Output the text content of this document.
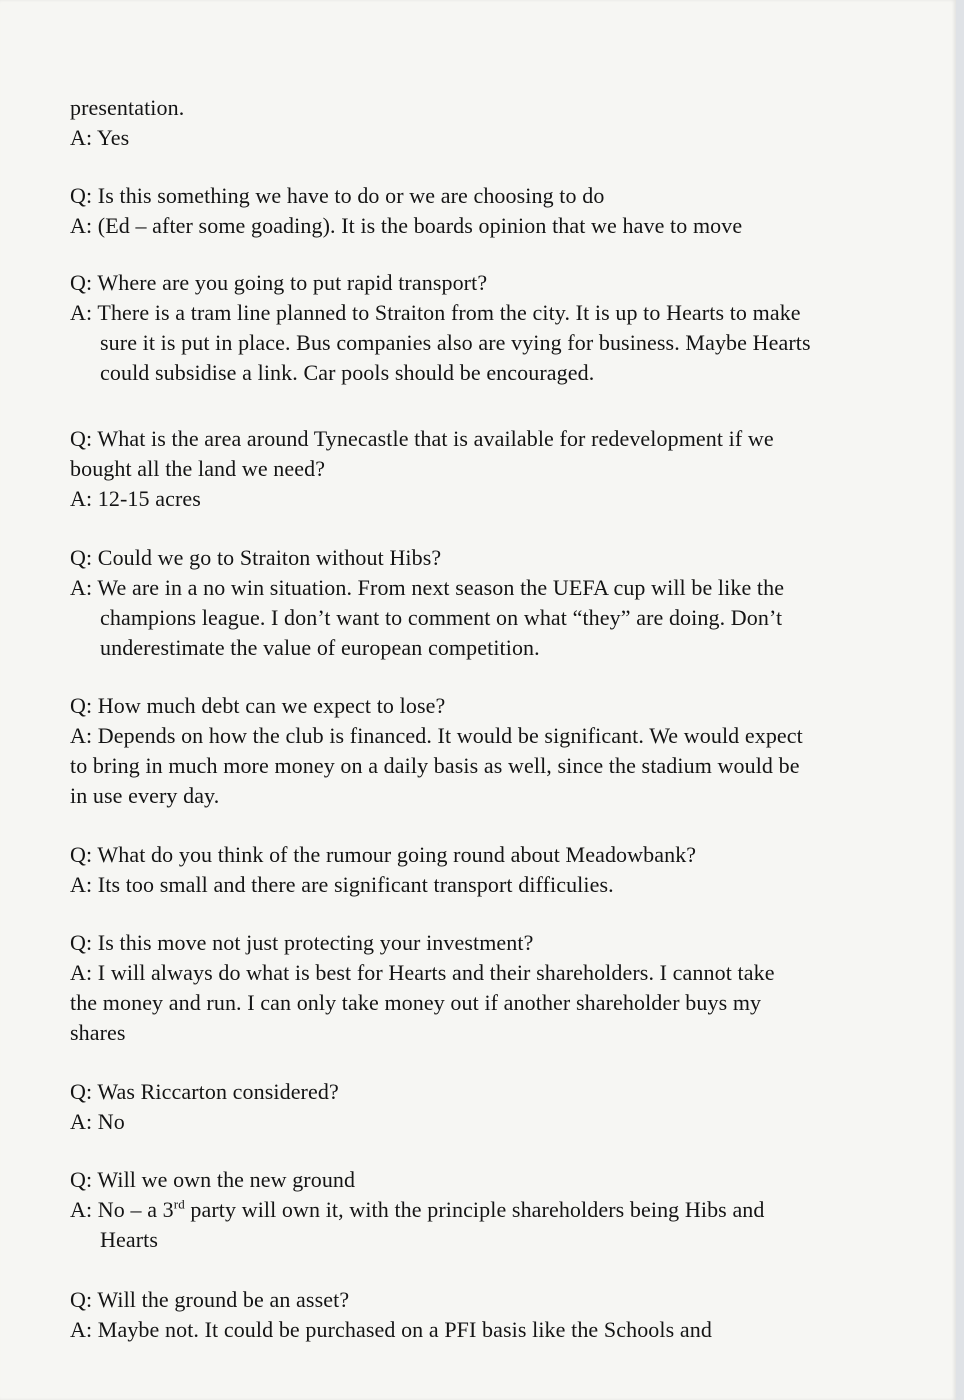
presentation.
A: Yes
Q: Is this something we have to do or we are choosing to do
A: (Ed – after some goading). It is the boards opinion that we have to move
Q: Where are you going to put rapid transport?
A: There is a tram line planned to Straiton from the city. It is up to Hearts to make
sure it is put in place. Bus companies also are vying for business. Maybe Hearts
could subsidise a link. Car pools should be encouraged.
Q: What is the area around Tynecastle that is available for redevelopment if we
bought all the land we need?
A: 12-15 acres
Q: Could we go to Straiton without Hibs?
A: We are in a no win situation. From next season the UEFA cup will be like the
champions league. I don’t want to comment on what “they” are doing. Don’t
underestimate the value of european competition.
Q: How much debt can we expect to lose?
A: Depends on how the club is financed. It would be significant. We would expect
to bring in much more money on a daily basis as well, since the stadium would be
in use every day.
Q: What do you think of the rumour going round about Meadowbank?
A: Its too small and there are significant transport difficulies.
Q: Is this move not just protecting your investment?
A: I will always do what is best for Hearts and their shareholders. I cannot take
the money and run. I can only take money out if another shareholder buys my
shares
Q: Was Riccarton considered?
A: No
Q: Will we own the new ground
A: No – a 3rd party will own it, with the principle shareholders being Hibs and
Hearts
Q: Will the ground be an asset?
A: Maybe not. It could be purchased on a PFI basis like the Schools and
